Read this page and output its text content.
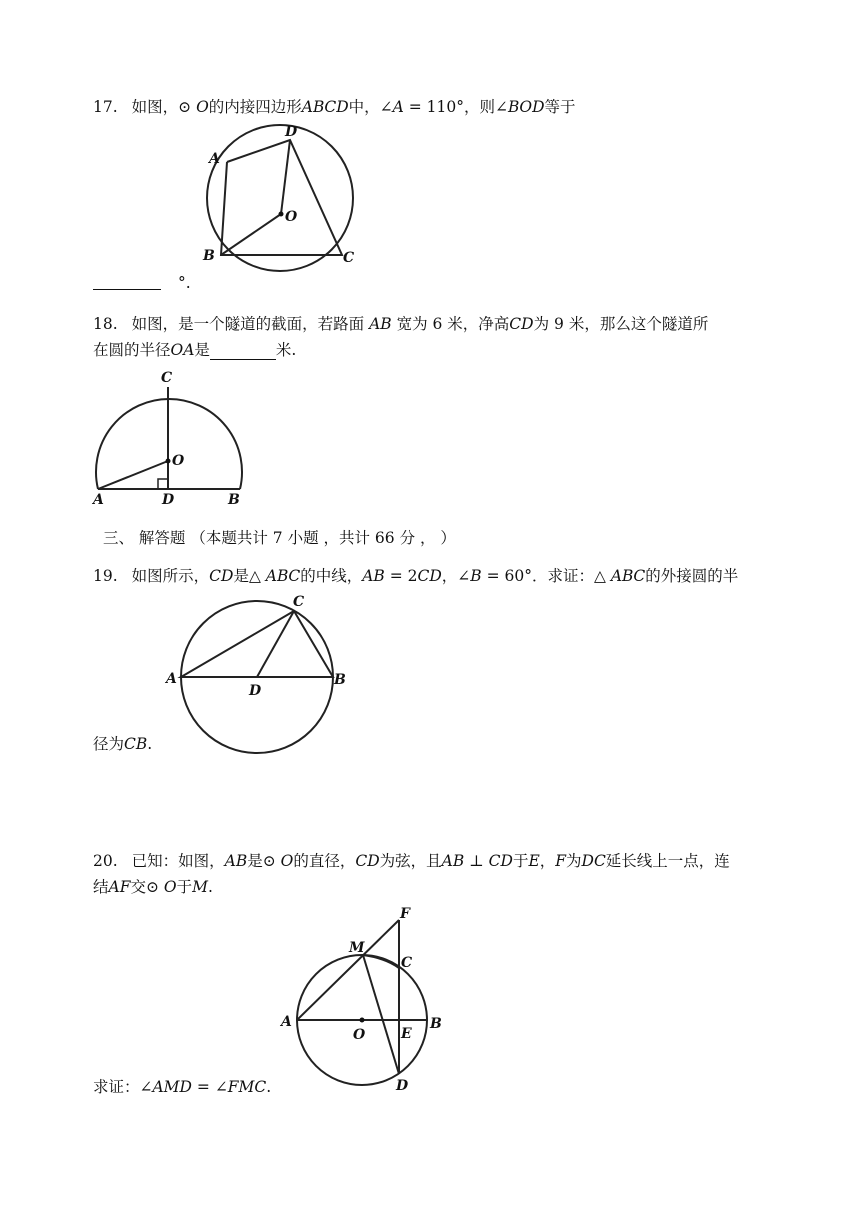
17. 如图，⊙ 𝑂的内接四边形𝐴𝐵𝐶𝐷中，∠𝐴 = 110°，则∠𝐵𝑂𝐷等于
A
D
O
B	C
°.
18. 如图，是一个隧道的截面，若路面 𝐴𝐵 宽为 6 米，净高𝐶𝐷为 9 米，那么这个隧道所
在圆的半径𝑂𝐴是	米.
C
O
A	D	B
三、 解答题 （本题共计 7 小题 ，共计 66 分 ， ）
19. 如图所示，𝐶𝐷是△ 𝐴𝐵𝐶的中线，𝐴𝐵 = 2𝐶𝐷，∠𝐵 = 60°．求证：△ 𝐴𝐵𝐶的外接圆的半
C
A	B
D
径为𝐶𝐵.
20. 已知：如图，𝐴𝐵是⊙ 𝑂的直径，𝐶𝐷为弦，且𝐴𝐵 ⊥ 𝐶𝐷于𝐸，𝐹为𝐷𝐶延长线上一点，连
结𝐴𝐹交⊙ 𝑂于𝑀.
F
M
C
A	B
O	E
D
求证：∠𝐴𝑀𝐷 = ∠𝐹𝑀𝐶.
